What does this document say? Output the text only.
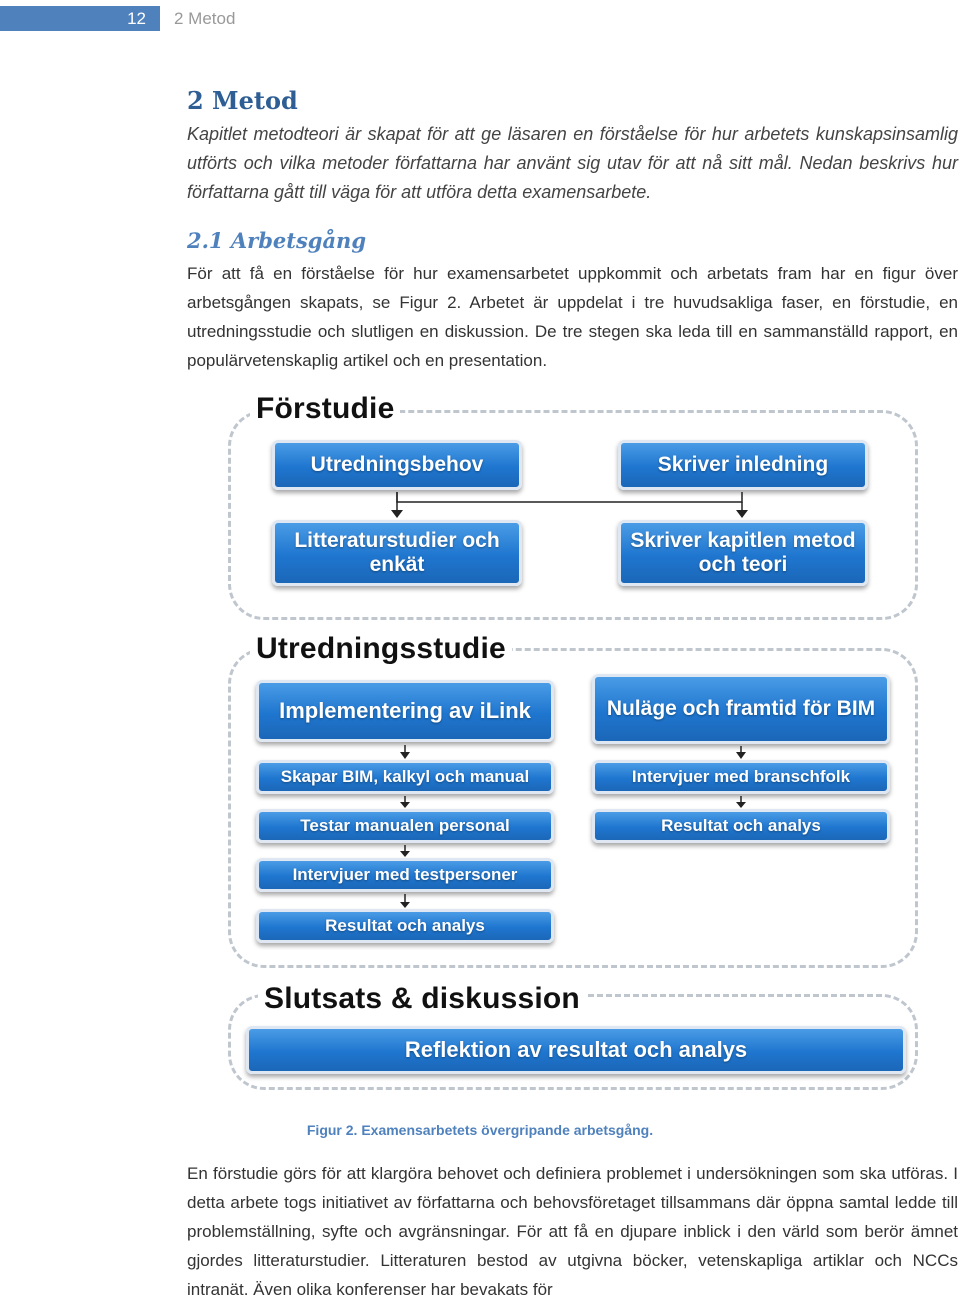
12	2 Metod
2 Metod

Kapitlet metodteori är skapat för att ge läsaren en förståelse för hur arbetets kunskapsinsamlig utförts och vilka metoder författarna har använt sig utav för att nå sitt mål. Nedan beskrivs hur författarna gått till väga för att utföra detta examensarbete.

2.1 Arbetsgång

För att få en förståelse för hur examensarbetet uppkommit och arbetats fram har en figur över arbetsgången skapats, se Figur 2. Arbetet är uppdelat i tre huvudsakliga faser, en förstudie, en utredningsstudie och slutligen en diskussion. De tre stegen ska leda till en sammanställd rapport, en populärvetenskaplig artikel och en presentation.

Förstudie
Utredningsbehov	Skriver inledning
Litteraturstudier och enkät
Skriver kapitlen metod och teori
Utredningsstudie
Implementering av iLink
Skapar BIM, kalkyl och manual
Testar manualen personal
Intervjuer med testpersoner
Resultat och analys
Nuläge och framtid för BIM
Intervjuer med branschfolk
Resultat och analys
Slutsats & diskussion
Reflektion av resultat och analys
Figur 2. Examensarbetets övergripande arbetsgång.

En förstudie görs för att klargöra behovet och definiera problemet i undersökningen som ska utföras. I detta arbete togs initiativet av författarna och behovsföretaget tillsammans där öppna samtal ledde till problemställning, syfte och avgränsningar. För att få en djupare inblick i den värld som berör ämnet gjordes litteraturstudier. Litteraturen bestod av utgivna böcker, vetenskapliga artiklar och NCCs intranät. Även olika konferenser har bevakats för
